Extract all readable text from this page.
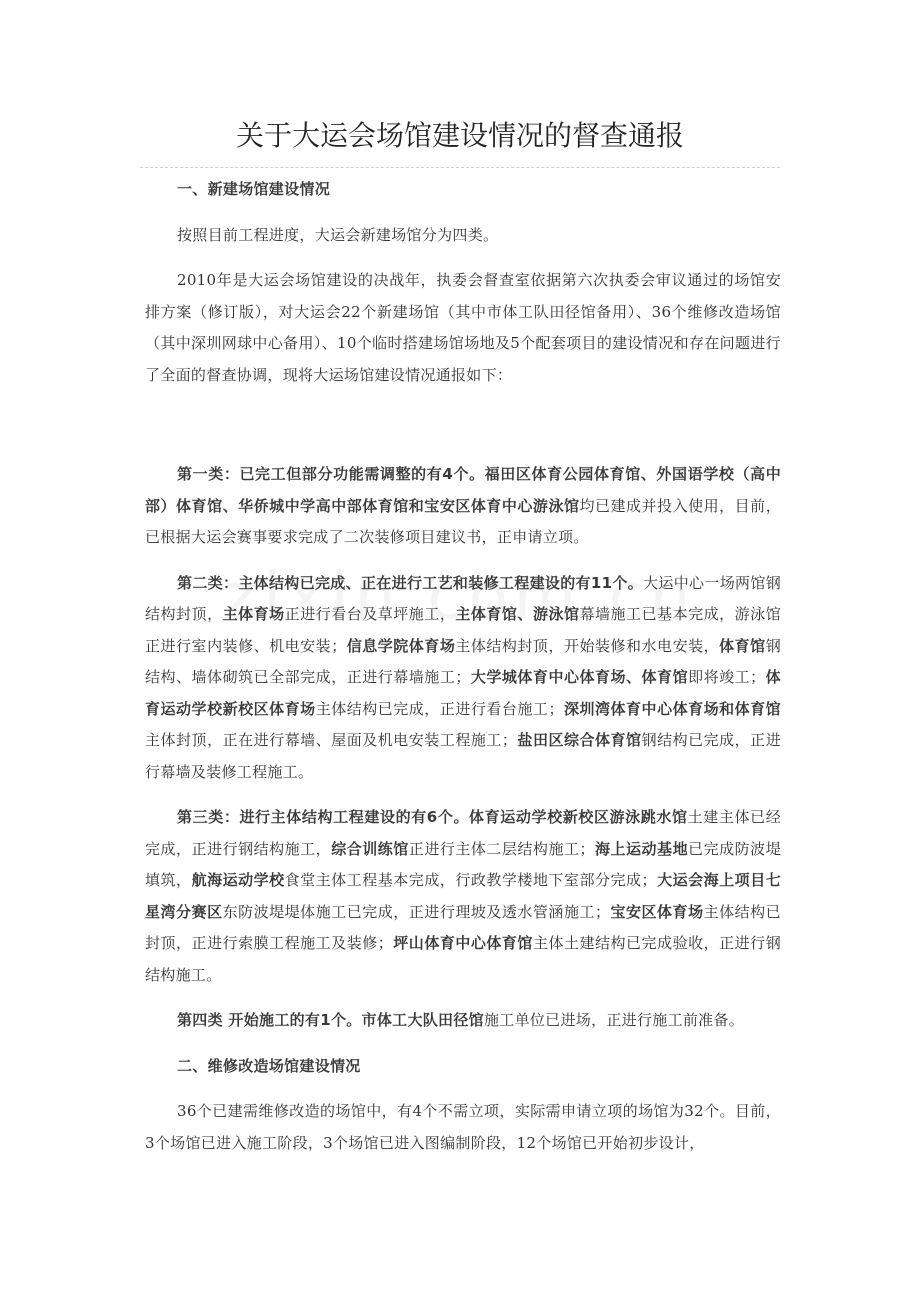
关于大运会场馆建设情况的督查通报

一、新建场馆建设情况

按照目前工程进度，大运会新建场馆分为四类。

2010年是大运会场馆建设的决战年，执委会督查室依据第六次执委会审议通过的场馆安排方案（修订版），对大运会22个新建场馆（其中市体工队田径馆备用）、36个维修改造场馆（其中深圳网球中心备用）、10个临时搭建场馆场地及5个配套项目的建设情况和存在问题进行了全面的督查协调，现将大运场馆建设情况通报如下：

第一类：已完工但部分功能需调整的有4个。福田区体育公园体育馆、外国语学校（高中部）体育馆、华侨城中学高中部体育馆和宝安区体育中心游泳馆均已建成并投入使用，目前，已根据大运会赛事要求完成了二次装修项目建议书，正申请立项。

第二类：主体结构已完成、正在进行工艺和装修工程建设的有11个。大运中心一场两馆钢结构封顶，主体育场正进行看台及草坪施工，主体育馆、游泳馆幕墙施工已基本完成，游泳馆正进行室内装修、机电安装；信息学院体育场主体结构封顶，开始装修和水电安装，体育馆钢结构、墙体砌筑已全部完成，正进行幕墙施工；大学城体育中心体育场、体育馆即将竣工；体育运动学校新校区体育场主体结构已完成，正进行看台施工；深圳湾体育中心体育场和体育馆主体封顶，正在进行幕墙、屋面及机电安装工程施工；盐田区综合体育馆钢结构已完成，正进行幕墙及装修工程施工。

第三类：进行主体结构工程建设的有6个。体育运动学校新校区游泳跳水馆土建主体已经完成，正进行钢结构施工，综合训练馆正进行主体二层结构施工；海上运动基地已完成防波堤填筑，航海运动学校食堂主体工程基本完成，行政教学楼地下室部分完成；大运会海上项目七星湾分赛区东防波堤堤体施工已完成，正进行理坡及透水管涵施工；宝安区体育场主体结构已封顶，正进行索膜工程施工及装修；坪山体育中心体育馆主体土建结构已完成验收，正进行钢结构施工。

第四类 开始施工的有1个。市体工大队田径馆施工单位已进场，正进行施工前准备。

二、维修改造场馆建设情况

36个已建需维修改造的场馆中，有4个不需立项，实际需申请立项的场馆为32个。目前，3个场馆已进入施工阶段，3个场馆已进入图编制阶段，12个场馆已开始初步设计，
